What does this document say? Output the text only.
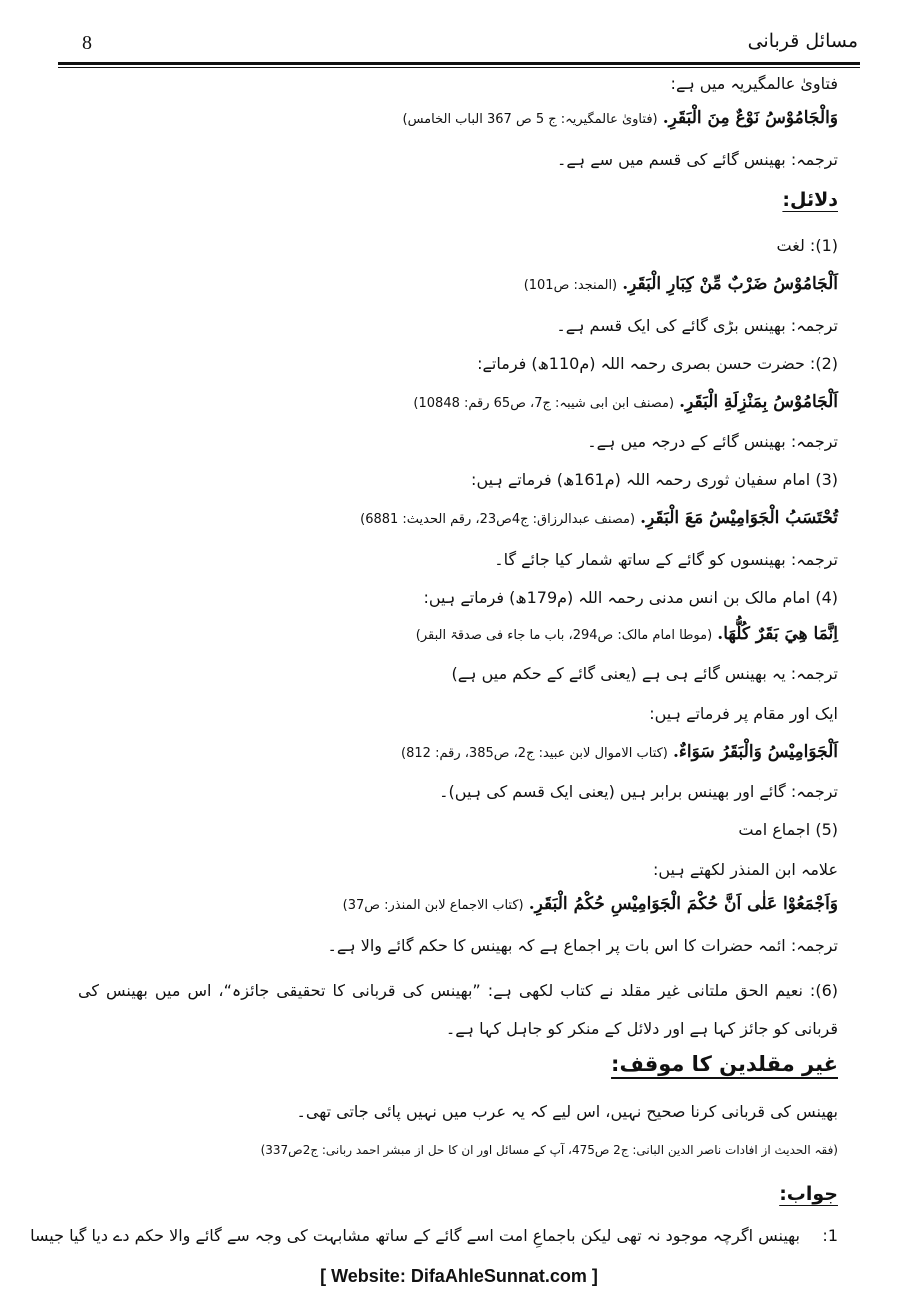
8	مسائل قربانی
فتاویٰ عالمگیریہ میں ہے:
وَالْجَامُوْسُ نَوْعٌ مِنَ الْبَقَرِ. (فتاویٰ عالمگیریہ: ج 5 ص 367 الباب الخامس)
ترجمہ: بھینس گائے کی قسم میں سے ہے۔
دلائل:
(1): لغت
اَلْجَامُوْسُ ضَرْبٌ مِّنْ كِبَارِ الْبَقَرِ. (المنجد: ص101)
ترجمہ: بھینس بڑی گائے کی ایک قسم ہے۔
(2): حضرت حسن بصری رحمہ اللہ (م110ھ) فرماتے:
اَلْجَامُوْسُ بِمَنْزِلَةِ الْبَقَرِ. (مصنف ابن ابی شیبہ: ج7، ص65 رقم: 10848)
ترجمہ: بھینس گائے کے درجہ میں ہے۔
(3) امام سفیان ثوری رحمہ اللہ (م161ھ) فرماتے ہیں:
تُحْتَسَبُ الْجَوَامِيْسُ مَعَ الْبَقَرِ. (مصنف عبدالرزاق: ج4ص23، رقم الحدیث: 6881)
ترجمہ: بھینسوں کو گائے کے ساتھ شمار کیا جائے گا۔
(4) امام مالک بن انس مدنی رحمہ اللہ (م179ھ) فرماتے ہیں:
اِنَّمَا هِيَ بَقَرٌ كُلُّهَا. (موطا امام مالک: ص294، باب ما جاء فی صدقۃ البقر)
ترجمہ: یہ بھینس گائے ہی ہے (یعنی گائے کے حکم میں ہے)
ایک اور مقام پر فرماتے ہیں:
اَلْجَوَامِيْسُ وَالْبَقَرُ سَوَاءٌ. (کتاب الاموال لابن عبید: ج2، ص385، رقم: 812)
ترجمہ: گائے اور بھینس برابر ہیں (یعنی ایک قسم کی ہیں)۔
(5) اجماع امت
علامہ ابن المنذر لکھتے ہیں:
وَاَجْمَعُوْا عَلٰى اَنَّ حُكْمَ الْجَوَامِيْسِ حُكْمُ الْبَقَرِ. (کتاب الاجماع لابن المنذر: ص37)
ترجمہ: ائمہ حضرات کا اس بات پر اجماع ہے کہ بھینس کا حکم گائے والا ہے۔
(6): نعیم الحق ملتانی غیر مقلد نے کتاب لکھی ہے: ”بھینس کی قربانی کا تحقیقی جائزہ“، اس میں بھینس کی قربانی کو جائز کہا ہے اور دلائل کے منکر کو جاہل کہا ہے۔
غیر مقلدین کا موقف:
بھینس کی قربانی کرنا صحیح نہیں، اس لیے کہ یہ عرب میں نہیں پائی جاتی تھی۔
(فقہ الحدیث از افادات ناصر الدین البانی: ج2 ص475، آپ کے مسائل اور ان کا حل از مبشر احمد ربانی: ج2ص337)
جواب:
1:
بھینس اگرچہ موجود نہ تھی لیکن باجماعِ امت اسے گائے کے ساتھ مشابہت کی وجہ سے گائے والا حکم دے دیا گیا جیسا
[ Website: DifaAhleSunnat.com ]
